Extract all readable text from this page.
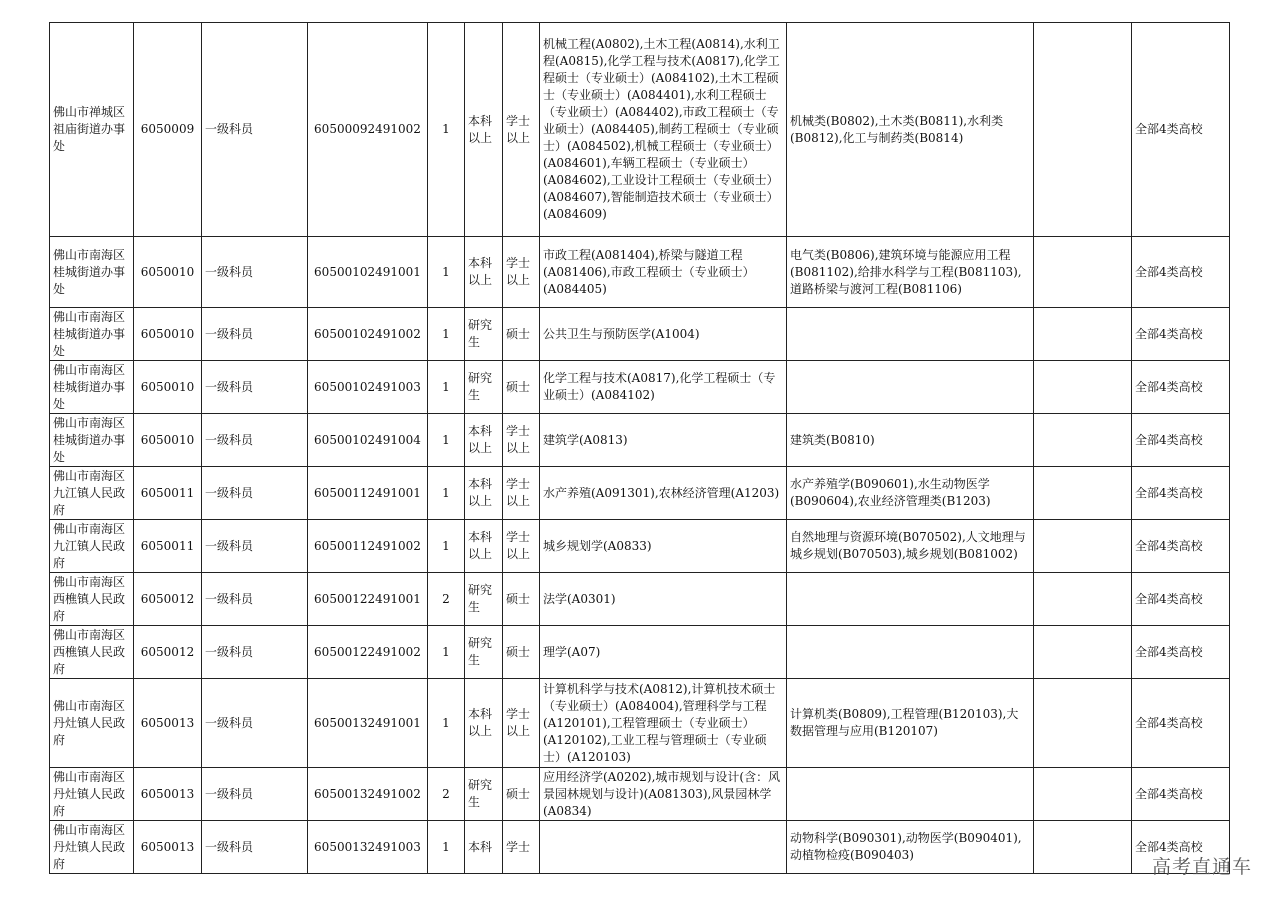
佛山市禅城区祖庙街道办事处	6050009	一级科员	60500092491002	1	本科以上	学士以上	机械工程(A0802),土木工程(A0814),水利工程(A0815),化学工程与技术(A0817),化学工程硕士（专业硕士）(A084102),土木工程硕士（专业硕士）(A084401),水利工程硕士（专业硕士）(A084402),市政工程硕士（专业硕士）(A084405),制药工程硕士（专业硕士）(A084502),机械工程硕士（专业硕士）(A084601),车辆工程硕士（专业硕士）(A084602),工业设计工程硕士（专业硕士）(A084607),智能制造技术硕士（专业硕士）(A084609)	机械类(B0802),土木类(B0811),水利类(B0812),化工与制药类(B0814)		全部4类高校
佛山市南海区桂城街道办事处	6050010	一级科员	60500102491001	1	本科以上	学士以上	市政工程(A081404),桥梁与隧道工程(A081406),市政工程硕士（专业硕士）(A084405)	电气类(B0806),建筑环境与能源应用工程(B081102),给排水科学与工程(B081103),道路桥梁与渡河工程(B081106)		全部4类高校
佛山市南海区桂城街道办事处	6050010	一级科员	60500102491002	1	研究生	硕士	公共卫生与预防医学(A1004)			全部4类高校
佛山市南海区桂城街道办事处	6050010	一级科员	60500102491003	1	研究生	硕士	化学工程与技术(A0817),化学工程硕士（专业硕士）(A084102)			全部4类高校
佛山市南海区桂城街道办事处	6050010	一级科员	60500102491004	1	本科以上	学士以上	建筑学(A0813)	建筑类(B0810)		全部4类高校
佛山市南海区九江镇人民政府	6050011	一级科员	60500112491001	1	本科以上	学士以上	水产养殖(A091301),农林经济管理(A1203)	水产养殖学(B090601),水生动物医学(B090604),农业经济管理类(B1203)		全部4类高校
佛山市南海区九江镇人民政府	6050011	一级科员	60500112491002	1	本科以上	学士以上	城乡规划学(A0833)	自然地理与资源环境(B070502),人文地理与城乡规划(B070503),城乡规划(B081002)		全部4类高校
佛山市南海区西樵镇人民政府	6050012	一级科员	60500122491001	2	研究生	硕士	法学(A0301)			全部4类高校
佛山市南海区西樵镇人民政府	6050012	一级科员	60500122491002	1	研究生	硕士	理学(A07)			全部4类高校
佛山市南海区丹灶镇人民政府	6050013	一级科员	60500132491001	1	本科以上	学士以上	计算机科学与技术(A0812),计算机技术硕士（专业硕士）(A084004),管理科学与工程(A120101),工程管理硕士（专业硕士）(A120102),工业工程与管理硕士（专业硕士）(A120103)	计算机类(B0809),工程管理(B120103),大数据管理与应用(B120107)		全部4类高校
佛山市南海区丹灶镇人民政府	6050013	一级科员	60500132491002	2	研究生	硕士	应用经济学(A0202),城市规划与设计(含：风景园林规划与设计)(A081303),风景园林学(A0834)			全部4类高校
佛山市南海区丹灶镇人民政府	6050013	一级科员	60500132491003	1	本科	学士		动物科学(B090301),动物医学(B090401),动植物检疫(B090403)		全部4类高校
高考直通车
